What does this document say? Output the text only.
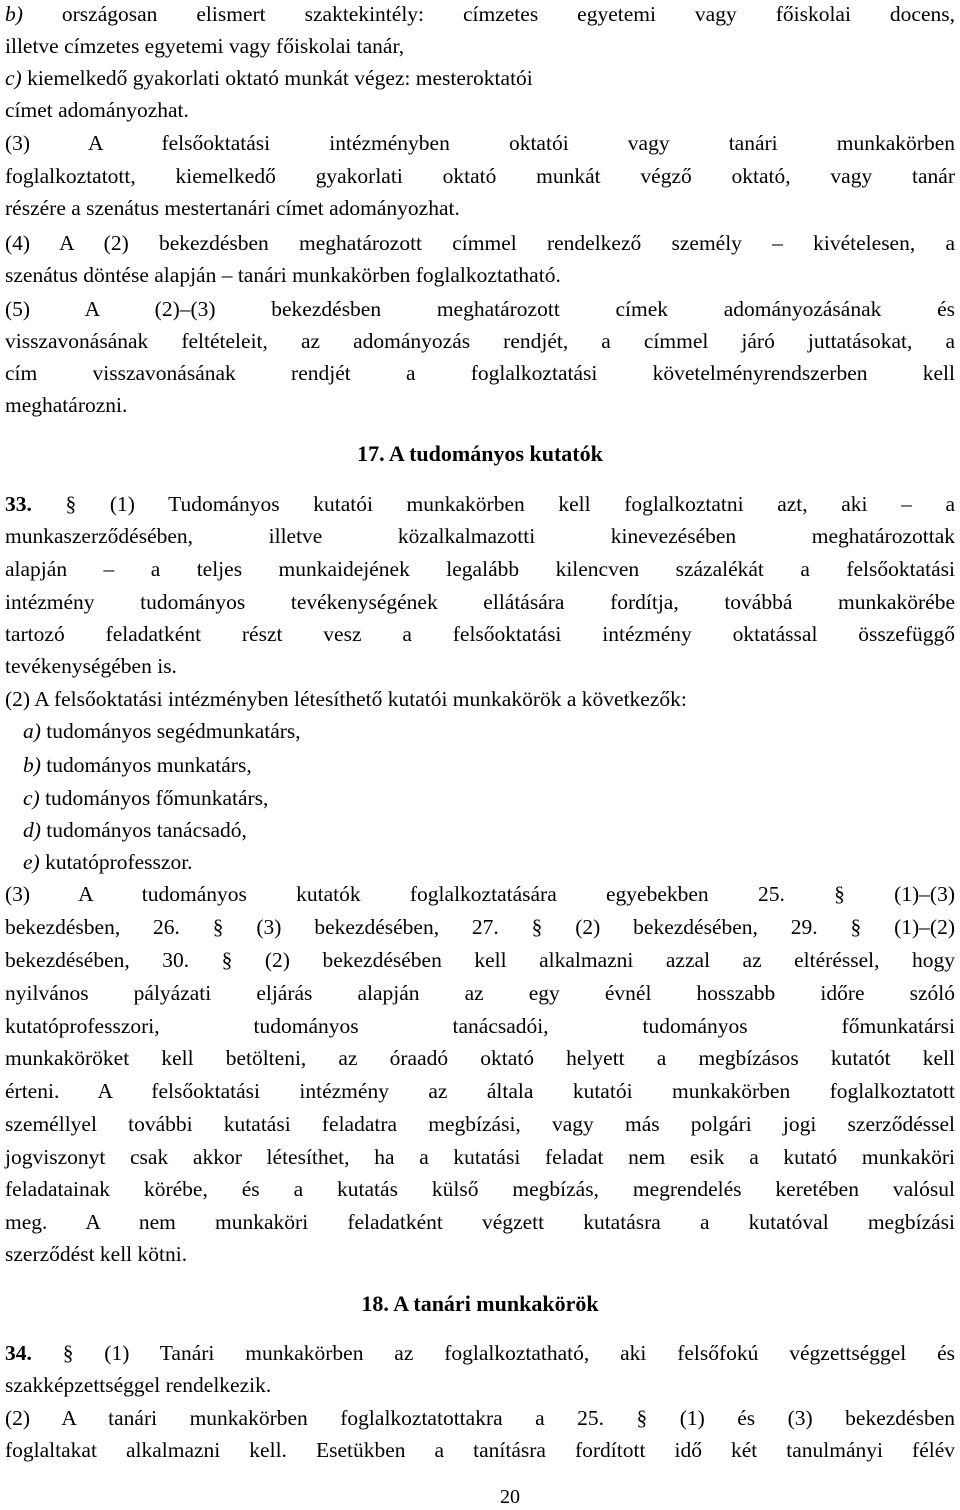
b) országosan elismert szaktekintély: címzetes egyetemi vagy főiskolai docens,
illetve címzetes egyetemi vagy főiskolai tanár,
c) kiemelkedő gyakorlati oktató munkát végez: mesteroktatói
címet adományozhat.
(3) A felsőoktatási intézményben oktatói vagy tanári munkakörben
foglalkoztatott, kiemelkedő gyakorlati oktató munkát végző oktató, vagy tanár
részére a szenátus mestertanári címet adományozhat.
(4) A (2) bekezdésben meghatározott címmel rendelkező személy – kivételesen, a
szenátus döntése alapján – tanári munkakörben foglalkoztatható.
(5) A (2)–(3) bekezdésben meghatározott címek adományozásának és
visszavonásának feltételeit, az adományozás rendjét, a címmel járó juttatásokat, a
cím visszavonásának rendjét a foglalkoztatási követelményrendszerben kell
meghatározni.
17. A tudományos kutatók
33. § (1) Tudományos kutatói munkakörben kell foglalkoztatni azt, aki – a
munkaszerződésében, illetve közalkalmazotti kinevezésében meghatározottak
alapján – a teljes munkaidejének legalább kilencven százalékát a felsőoktatási
intézmény tudományos tevékenységének ellátására fordítja, továbbá munkakörébe
tartozó feladatként részt vesz a felsőoktatási intézmény oktatással összefüggő
tevékenységében is.
(2) A felsőoktatási intézményben létesíthető kutatói munkakörök a következők:
a) tudományos segédmunkatárs,
b) tudományos munkatárs,
c) tudományos főmunkatárs,
d) tudományos tanácsadó,
e) kutatóprofesszor.
(3) A tudományos kutatók foglalkoztatására egyebekben 25. § (1)–(3)
bekezdésben, 26. § (3) bekezdésében, 27. § (2) bekezdésében, 29. § (1)–(2)
bekezdésében, 30. § (2) bekezdésében kell alkalmazni azzal az eltéréssel, hogy
nyilvános pályázati eljárás alapján az egy évnél hosszabb időre szóló
kutatóprofesszori, tudományos tanácsadói, tudományos főmunkatársi
munkaköröket kell betölteni, az óraadó oktató helyett a megbízásos kutatót kell
érteni. A felsőoktatási intézmény az általa kutatói munkakörben foglalkoztatott
személlyel további kutatási feladatra megbízási, vagy más polgári jogi szerződéssel
jogviszonyt csak akkor létesíthet, ha a kutatási feladat nem esik a kutató munkaköri
feladatainak körébe, és a kutatás külső megbízás, megrendelés keretében valósul
meg. A nem munkaköri feladatként végzett kutatásra a kutatóval megbízási
szerződést kell kötni.
18. A tanári munkakörök
34. § (1) Tanári munkakörben az foglalkoztatható, aki felsőfokú végzettséggel és
szakképzettséggel rendelkezik.
(2) A tanári munkakörben foglalkoztatottakra a 25. § (1) és (3) bekezdésben
foglaltakat alkalmazni kell. Esetükben a tanításra fordított idő két tanulmányi félév
20
